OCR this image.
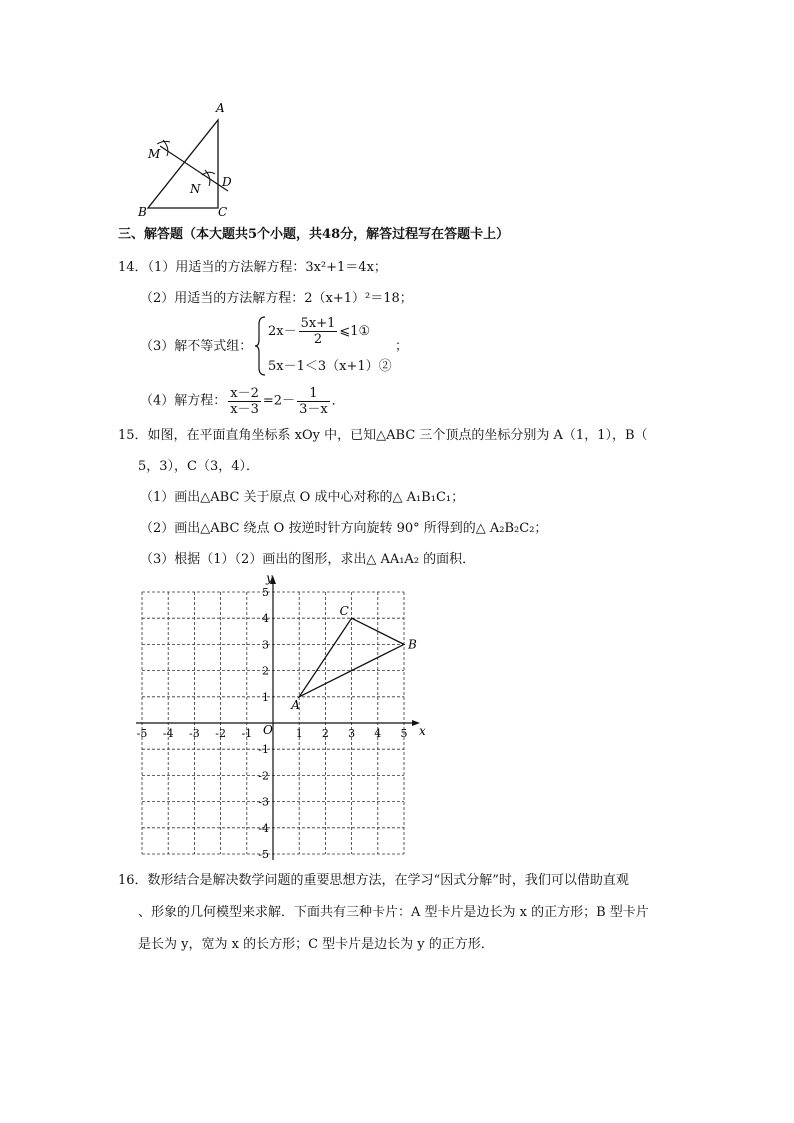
A
M
N D
B	C
三、解答题（本大题共5个小题，共48分，解答过程写在答题卡上）
14．（1）用适当的方法解方程：3x²+1＝4x；
（2）用适当的方法解方程：2（x+1）²＝18；
（3）解不等式组：
$2x- \frac{5x+1}{2}$ ⩽1①
5x－1＜3（x+1）②
；
（4）解方程： $\frac{x-2}{x-3} =2- \frac{1}{3-x}$ ．
15．如图，在平面直角坐标系 xOy 中，已知△ABC 三个顶点的坐标分别为 A（1，1），B（
5，3），C（3，4）．
（1）画出△ABC 关于原点 O 成中心对称的△ A₁B₁C₁；
（2）画出△ABC 绕点 O 按逆时针方向旋转 90° 所得到的△ A₂B₂C₂；
（3）根据（1）（2）画出的图形，求出△ AA₁A₂ 的面积．
-5 -4 -3 -2 -1	1 2 3 4 5
5
4
3
2
1
-1
-2
-3
-4
-5
A
B
C
x
y
O
16．数形结合是解决数学问题的重要思想方法，在学习“因式分解”时，我们可以借助直观
、形象的几何模型来求解．下面共有三种卡片：A 型卡片是边长为 x 的正方形；B 型卡片
是长为 y，宽为 x 的长方形；C 型卡片是边长为 y 的正方形．
